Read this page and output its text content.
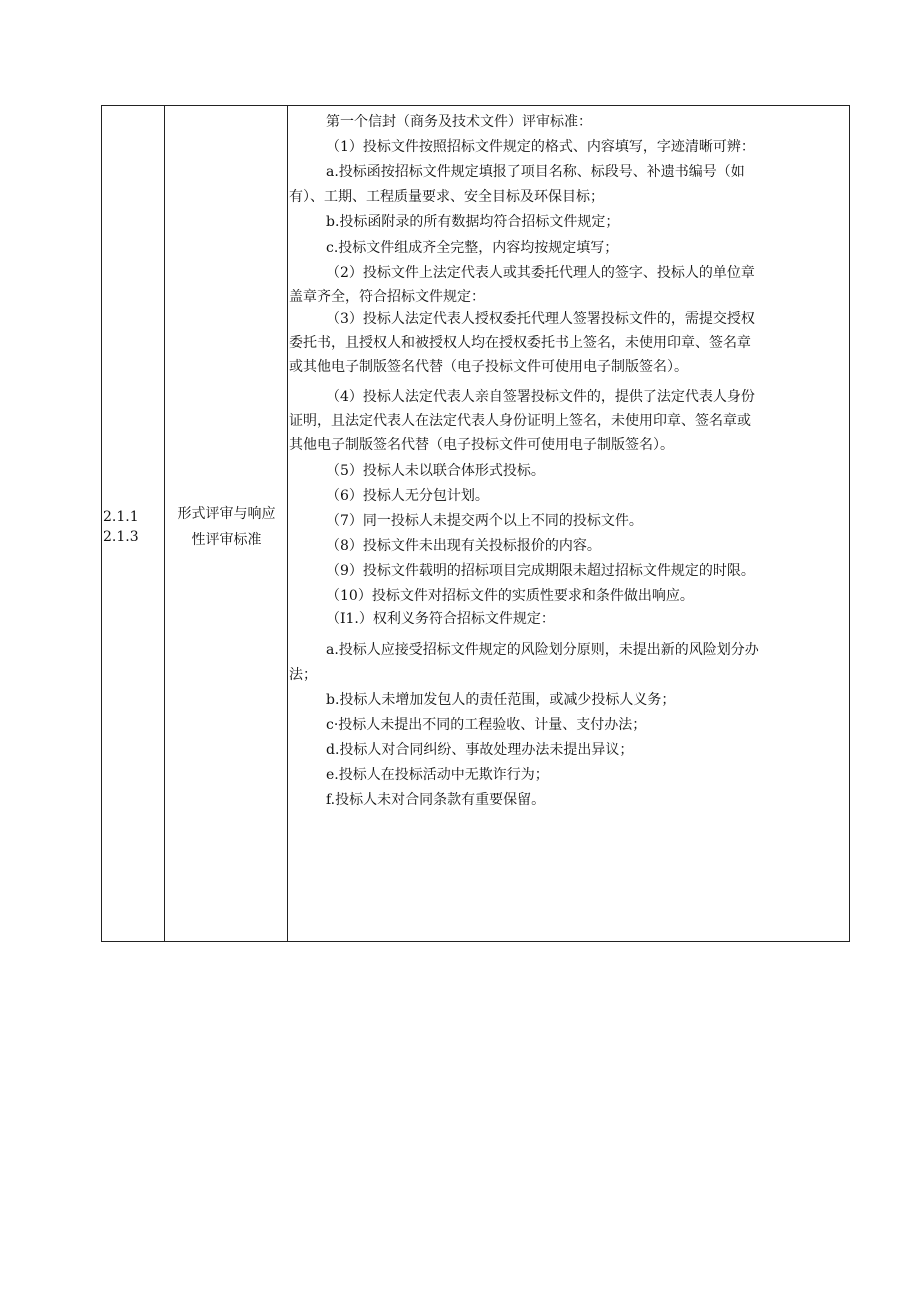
2.1.1
2.1.3
形式评审与响应
性评审标准
第一个信封（商务及技术文件）评审标准：
（1）投标文件按照招标文件规定的格式、内容填写，字迹清晰可辨：
a.投标函按招标文件规定填报了项目名称、标段号、补遗书编号（如
有）、工期、工程质量要求、安全目标及环保目标；
b.投标函附录的所有数据均符合招标文件规定；
c.投标文件组成齐全完整，内容均按规定填写；
（2）投标文件上法定代表人或其委托代理人的签字、投标人的单位章
盖章齐全，符合招标文件规定：
（3）投标人法定代表人授权委托代理人签署投标文件的，需提交授权
委托书，且授权人和被授权人均在授权委托书上签名，未使用印章、签名章
或其他电子制版签名代替（电子投标文件可使用电子制版签名）。
（4）投标人法定代表人亲自签署投标文件的，提供了法定代表人身份
证明，且法定代表人在法定代表人身份证明上签名，未使用印章、签名章或
其他电子制版签名代替（电子投标文件可使用电子制版签名）。
（5）投标人未以联合体形式投标。
（6）投标人无分包计划。
（7）同一投标人未提交两个以上不同的投标文件。
（8）投标文件未出现有关投标报价的内容。
（9）投标文件载明的招标项目完成期限未超过招标文件规定的时限。
（10）投标文件对招标文件的实质性要求和条件做出响应。
（I1.）权利义务符合招标文件规定：
a.投标人应接受招标文件规定的风险划分原则，未提出新的风险划分办
法；
b.投标人未增加发包人的责任范围，或减少投标人义务；
c·投标人未提出不同的工程验收、计量、支付办法；
d.投标人对合同纠纷、事故处理办法未提出异议；
e.投标人在投标活动中无欺诈行为；
f.投标人未对合同条款有重要保留。
